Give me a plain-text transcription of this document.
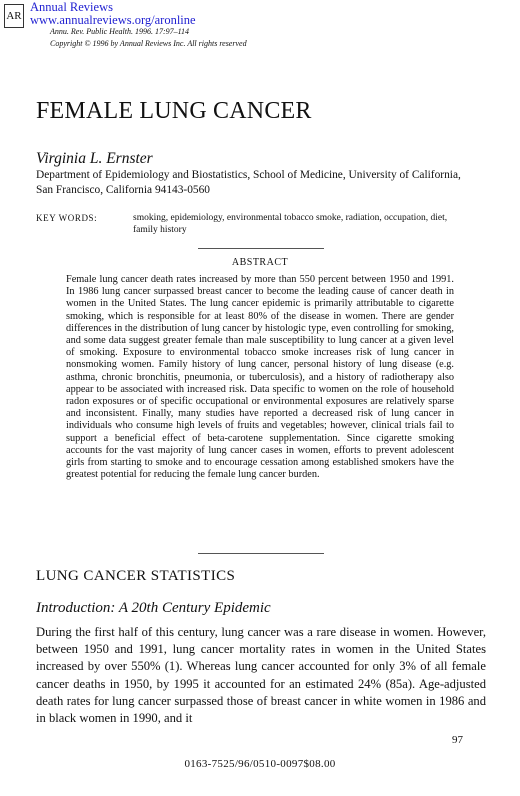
AR
Annual Reviews
www.annualreviews.org/aronline
Annu. Rev. Public Health. 1996. 17:97–114
Copyright © 1996 by Annual Reviews Inc. All rights reserved
FEMALE LUNG CANCER
Virginia L. Ernster
Department of Epidemiology and Biostatistics, School of Medicine, University of California, San Francisco, California 94143-0560
KEY WORDS:	smoking, epidemiology, environmental tobacco smoke, radiation, occupation, diet, family history
ABSTRACT
Female lung cancer death rates increased by more than 550 percent between 1950 and 1991. In 1986 lung cancer surpassed breast cancer to become the leading cause of cancer death in women in the United States. The lung cancer epidemic is primarily attributable to cigarette smoking, which is responsible for at least 80% of the disease in women. There are gender differences in the distribution of lung cancer by histologic type, even controlling for smoking, and some data suggest greater female than male susceptibility to lung cancer at a given level of smoking. Exposure to environmental tobacco smoke increases risk of lung cancer in nonsmoking women. Family history of lung cancer, personal history of lung disease (e.g. asthma, chronic bronchitis, pneumonia, or tuberculosis), and a history of radiotherapy also appear to be associated with increased risk. Data specific to women on the role of household radon exposures or of specific occupational or environmental exposures are relatively sparse and inconsistent. Finally, many studies have reported a decreased risk of lung cancer in individuals who consume high levels of fruits and vegetables; however, clinical trials fail to support a beneficial effect of beta-carotene supplementation. Since cigarette smoking accounts for the vast majority of lung cancer cases in women, efforts to prevent adolescent girls from starting to smoke and to encourage cessation among established smokers have the greatest potential for reducing the female lung cancer burden.
LUNG CANCER STATISTICS
Introduction: A 20th Century Epidemic
During the first half of this century, lung cancer was a rare disease in women. However, between 1950 and 1991, lung cancer mortality rates in women in the United States increased by over 550% (1). Whereas lung cancer accounted for only 3% of all female cancer deaths in 1950, by 1995 it accounted for an estimated 24% (85a). Age-adjusted death rates for lung cancer surpassed those of breast cancer in white women in 1986 and in black women in 1990, and it
97
0163-7525/96/0510-0097$08.00
